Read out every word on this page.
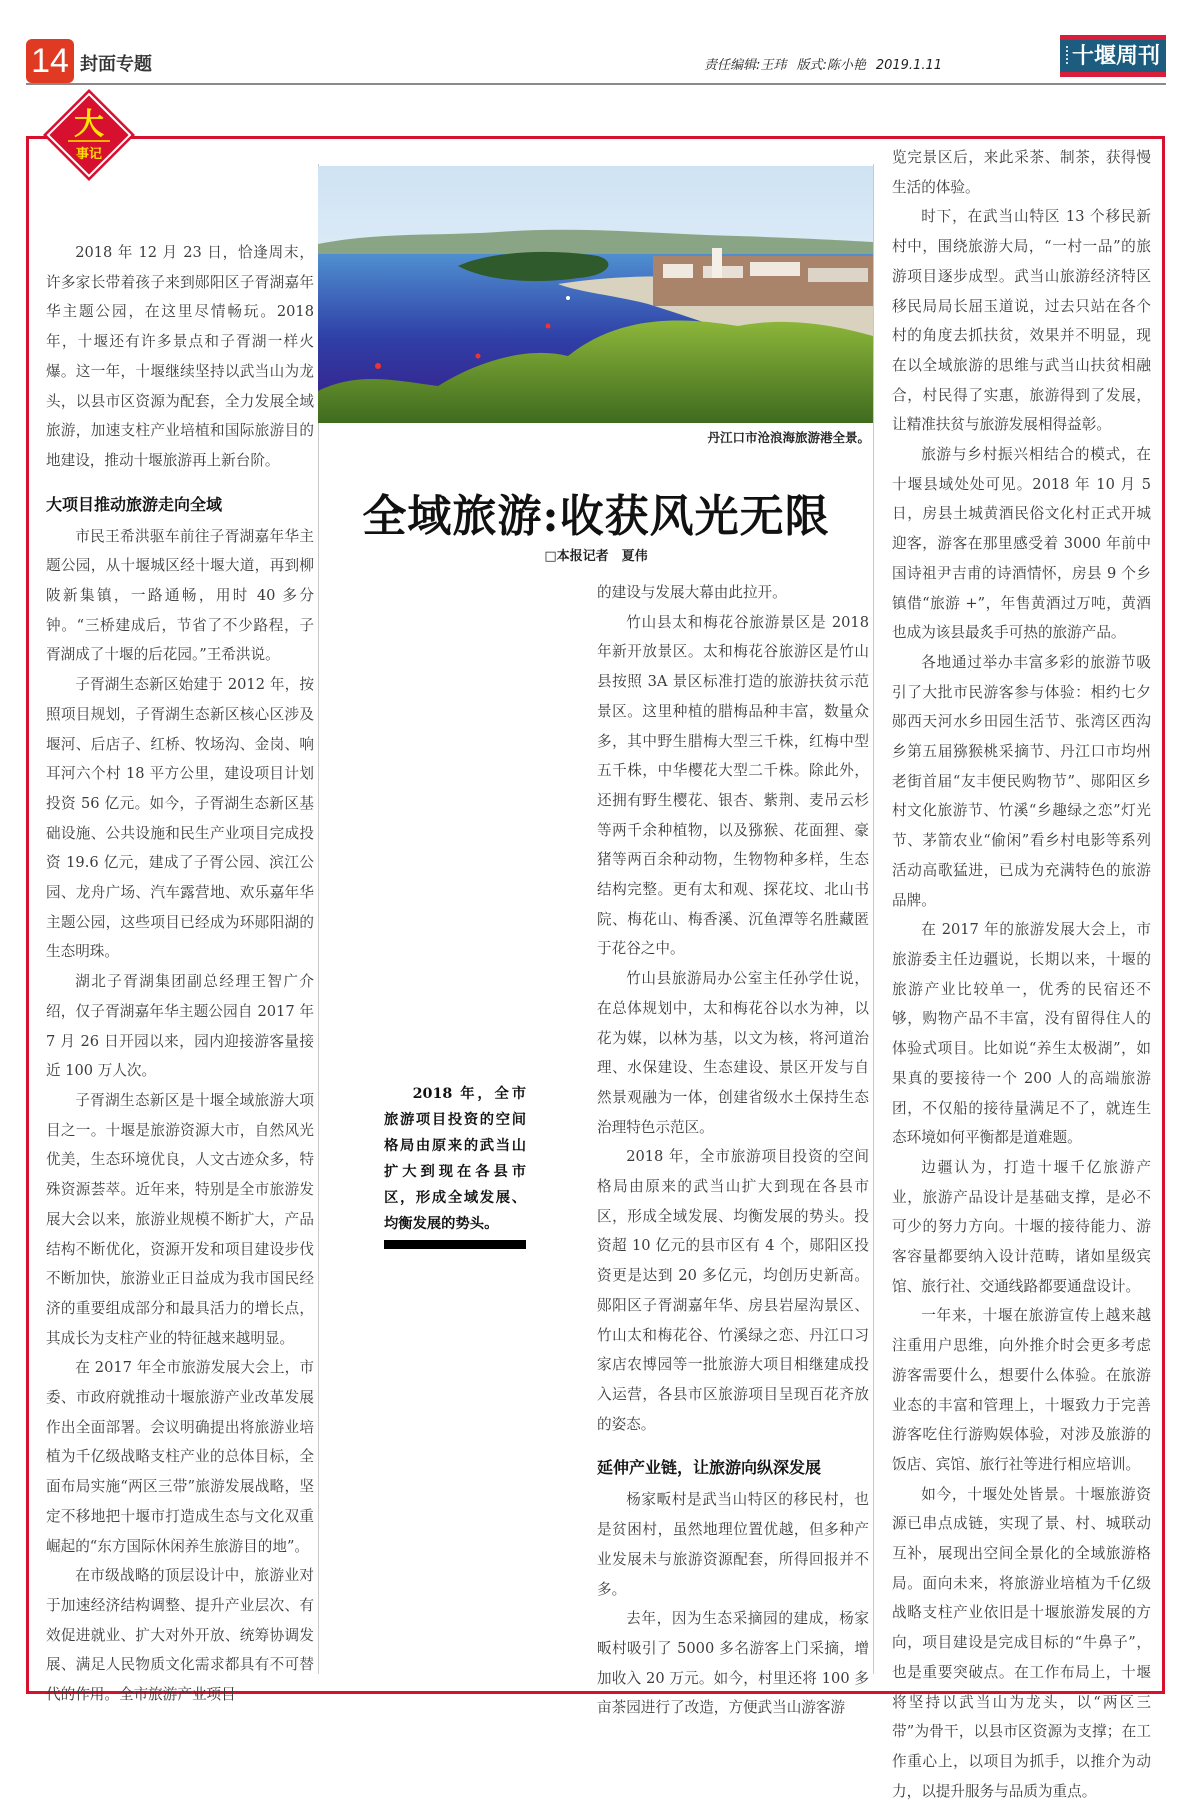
14 封面专题	责任编辑:王玮 版式:陈小艳 2019.1.11	十堰周刊
大
事记
丹江口市沧浪海旅游港全景。
全域旅游:收获风光无限
□本报记者　夏伟

2018 年 12 月 23 日，恰逢周末，许多家长带着孩子来到郧阳区子胥湖嘉年华主题公园，在这里尽情畅玩。2018 年，十堰还有许多景点和子胥湖一样火爆。这一年，十堰继续坚持以武当山为龙头，以县市区资源为配套，全力发展全域旅游，加速支柱产业培植和国际旅游目的地建设，推动十堰旅游再上新台阶。

大项目推动旅游走向全域

市民王希洪驱车前往子胥湖嘉年华主题公园，从十堰城区经十堰大道，再到柳陂新集镇，一路通畅，用时 40 多分钟。“三桥建成后，节省了不少路程，子胥湖成了十堰的后花园。”王希洪说。

子胥湖生态新区始建于 2012 年，按照项目规划，子胥湖生态新区核心区涉及堰河、后店子、红桥、牧场沟、金岗、响耳河六个村 18 平方公里，建设项目计划投资 56 亿元。如今，子胥湖生态新区基础设施、公共设施和民生产业项目完成投资 19.6 亿元，建成了子胥公园、滨江公园、龙舟广场、汽车露营地、欢乐嘉年华主题公园，这些项目已经成为环郧阳湖的生态明珠。

湖北子胥湖集团副总经理王智广介绍，仅子胥湖嘉年华主题公园自 2017 年 7 月 26 日开园以来，园内迎接游客量接近 100 万人次。

子胥湖生态新区是十堰全域旅游大项目之一。十堰是旅游资源大市，自然风光优美，生态环境优良，人文古迹众多，特殊资源荟萃。近年来，特别是全市旅游发展大会以来，旅游业规模不断扩大，产品结构不断优化，资源开发和项目建设步伐不断加快，旅游业正日益成为我市国民经济的重要组成部分和最具活力的增长点，其成长为支柱产业的特征越来越明显。

在 2017 年全市旅游发展大会上，市委、市政府就推动十堰旅游产业改革发展作出全面部署。会议明确提出将旅游业培植为千亿级战略支柱产业的总体目标，全面布局实施“两区三带”旅游发展战略，坚定不移地把十堰市打造成生态与文化双重崛起的“东方国际休闲养生旅游目的地”。

在市级战略的顶层设计中，旅游业对于加速经济结构调整、提升产业层次、有效促进就业、扩大对外开放、统筹协调发展、满足人民物质文化需求都具有不可替代的作用。全市旅游产业项目

2018 年，全市旅游项目投资的空间格局由原来的武当山扩大到现在各县市区，形成全域发展、均衡发展的势头。

的建设与发展大幕由此拉开。

竹山县太和梅花谷旅游景区是 2018 年新开放景区。太和梅花谷旅游区是竹山县按照 3A 景区标准打造的旅游扶贫示范景区。这里种植的腊梅品种丰富，数量众多，其中野生腊梅大型三千株，红梅中型五千株，中华樱花大型二千株。除此外，还拥有野生樱花、银杏、紫荆、麦吊云杉等两千余种植物，以及猕猴、花面狸、豪猪等两百余种动物，生物物种多样，生态结构完整。更有太和观、探花坟、北山书院、梅花山、梅香溪、沉鱼潭等名胜藏匿于花谷之中。

竹山县旅游局办公室主任孙学仕说，在总体规划中，太和梅花谷以水为神，以花为媒，以林为基，以文为核，将河道治理、水保建设、生态建设、景区开发与自然景观融为一体，创建省级水土保持生态治理特色示范区。

2018 年，全市旅游项目投资的空间格局由原来的武当山扩大到现在各县市区，形成全域发展、均衡发展的势头。投资超 10 亿元的县市区有 4 个，郧阳区投资更是达到 20 多亿元，均创历史新高。郧阳区子胥湖嘉年华、房县岩屋沟景区、竹山太和梅花谷、竹溪绿之恋、丹江口习家店农博园等一批旅游大项目相继建成投入运营，各县市区旅游项目呈现百花齐放的姿态。

延伸产业链，让旅游向纵深发展

杨家畈村是武当山特区的移民村，也是贫困村，虽然地理位置优越，但多种产业发展未与旅游资源配套，所得回报并不多。

去年，因为生态采摘园的建成，杨家畈村吸引了 5000 多名游客上门采摘，增加收入 20 万元。如今，村里还将 100 多亩茶园进行了改造，方便武当山游客游

览完景区后，来此采茶、制茶，获得慢生活的体验。

时下，在武当山特区 13 个移民新村中，围绕旅游大局，“一村一品”的旅游项目逐步成型。武当山旅游经济特区移民局局长屈玉道说，过去只站在各个村的角度去抓扶贫，效果并不明显，现在以全域旅游的思维与武当山扶贫相融合，村民得了实惠，旅游得到了发展，让精准扶贫与旅游发展相得益彰。

旅游与乡村振兴相结合的模式，在十堰县域处处可见。2018 年 10 月 5 日，房县土城黄酒民俗文化村正式开城迎客，游客在那里感受着 3000 年前中国诗祖尹吉甫的诗酒情怀，房县 9 个乡镇借“旅游 +”，年售黄酒过万吨，黄酒也成为该县最炙手可热的旅游产品。

各地通过举办丰富多彩的旅游节吸引了大批市民游客参与体验：相约七夕郧西天河水乡田园生活节、张湾区西沟乡第五届猕猴桃采摘节、丹江口市均州老街首届“友丰便民购物节”、郧阳区乡村文化旅游节、竹溪“乡趣绿之恋”灯光节、茅箭农业“偷闲”看乡村电影等系列活动高歌猛进，已成为充满特色的旅游品牌。

在 2017 年的旅游发展大会上，市旅游委主任边疆说，长期以来，十堰的旅游产业比较单一，优秀的民宿还不够，购物产品不丰富，没有留得住人的体验式项目。比如说“养生太极湖”，如果真的要接待一个 200 人的高端旅游团，不仅船的接待量满足不了，就连生态环境如何平衡都是道难题。

边疆认为，打造十堰千亿旅游产业，旅游产品设计是基础支撑，是必不可少的努力方向。十堰的接待能力、游客容量都要纳入设计范畴，诸如星级宾馆、旅行社、交通线路都要通盘设计。

一年来，十堰在旅游宣传上越来越注重用户思维，向外推介时会更多考虑游客需要什么，想要什么体验。在旅游业态的丰富和管理上，十堰致力于完善游客吃住行游购娱体验，对涉及旅游的饭店、宾馆、旅行社等进行相应培训。

如今，十堰处处皆景。十堰旅游资源已串点成链，实现了景、村、城联动互补，展现出空间全景化的全域旅游格局。面向未来，将旅游业培植为千亿级战略支柱产业依旧是十堰旅游发展的方向，项目建设是完成目标的“牛鼻子”，也是重要突破点。在工作布局上，十堰将坚持以武当山为龙头，以“两区三带”为骨干，以县市区资源为支撑；在工作重心上，以项目为抓手，以推介为动力，以提升服务与品质为重点。
